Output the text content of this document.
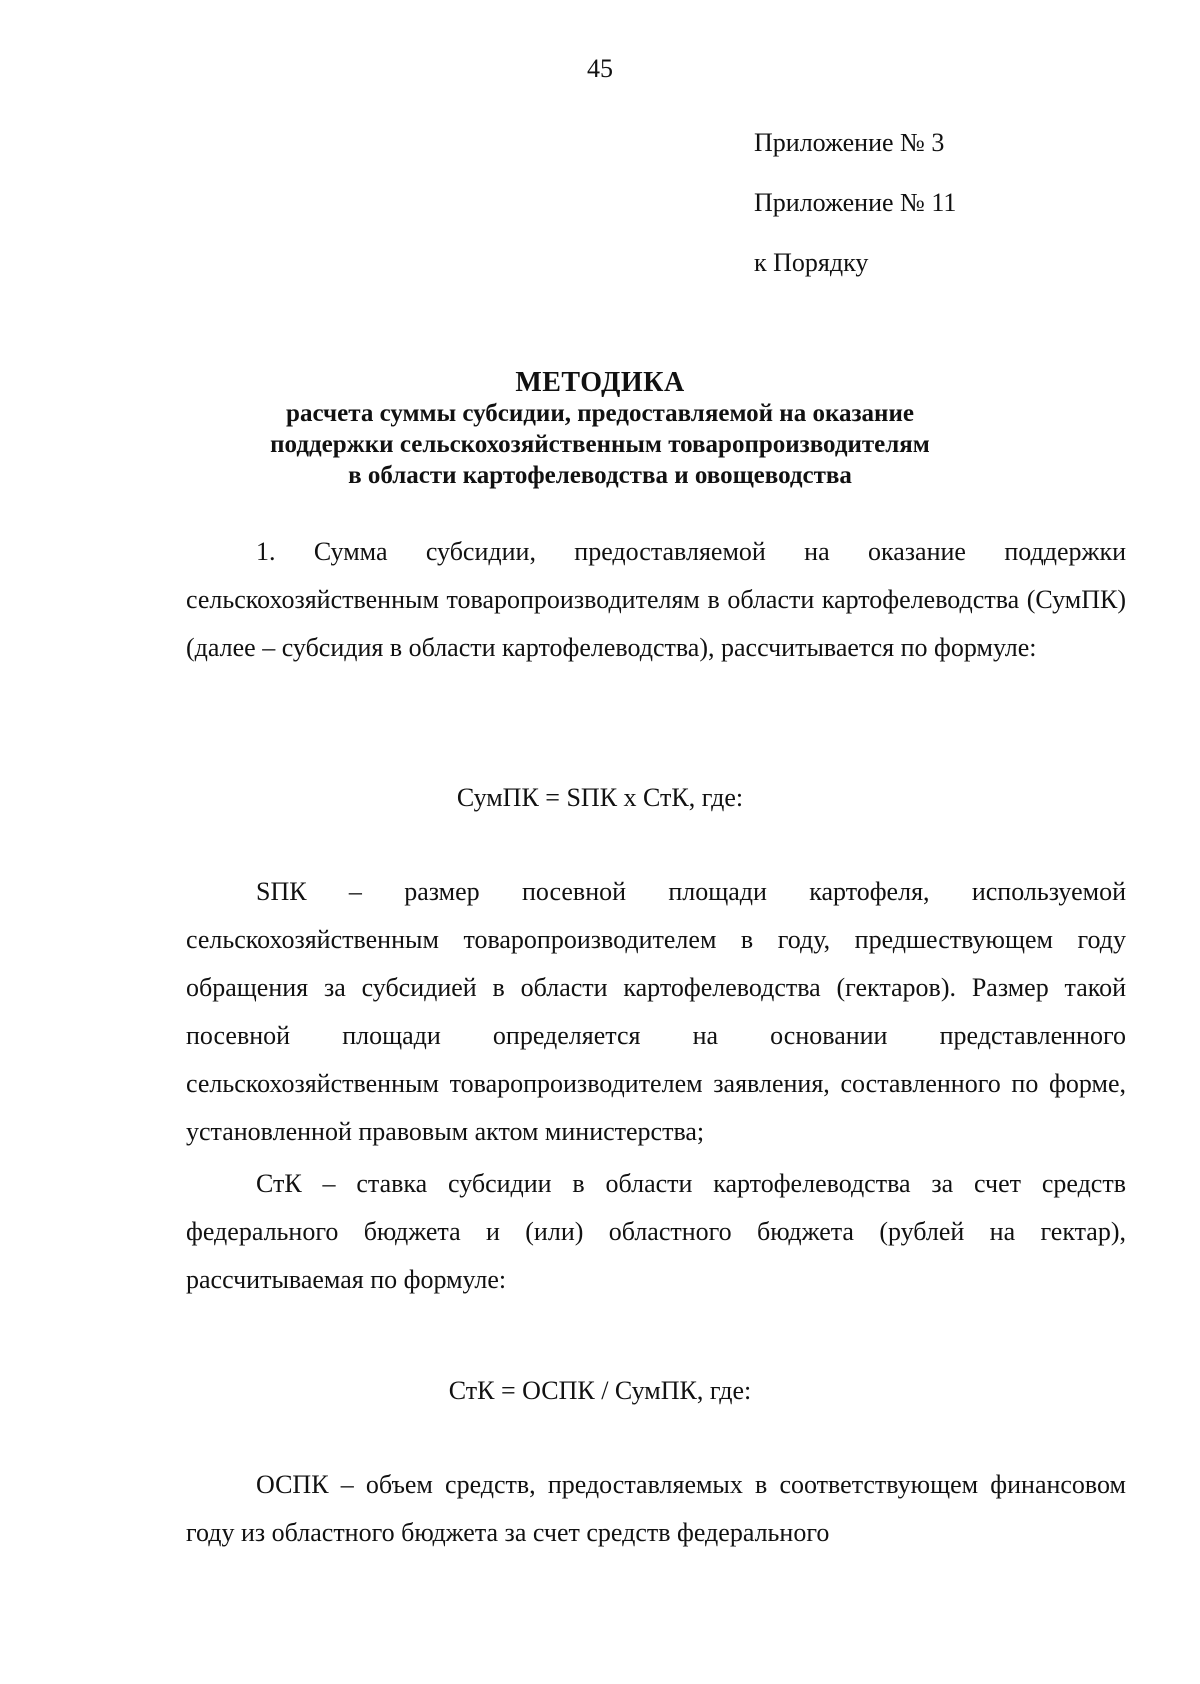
45
Приложение № 3
Приложение № 11
к Порядку
МЕТОДИКА
расчета суммы субсидии, предоставляемой на оказание
поддержки сельскохозяйственным товаропроизводителям
в области картофелеводства и овощеводства

1. Сумма субсидии, предоставляемой на оказание поддержки сельскохозяйственным товаропроизводителям в области картофелеводства (СумПК) (далее – субсидия в области картофелеводства), рассчитывается по формуле:

СумПК = SПК х СтК, где:

SПК – размер посевной площади картофеля, используемой сельскохозяйственным товаропроизводителем в году, предшествующем году обращения за субсидией в области картофелеводства (гектаров). Размер такой посевной площади определяется на основании представленного сельскохозяйственным товаропроизводителем заявления, составленного по форме, установленной правовым актом министерства;

СтК – ставка субсидии в области картофелеводства за счет средств федерального бюджета и (или) областного бюджета (рублей на гектар), рассчитываемая по формуле:

СтК = ОСПК / СумПК, где:

ОСПК – объем средств, предоставляемых в соответствующем финансовом году из областного бюджета за счет средств федерального
